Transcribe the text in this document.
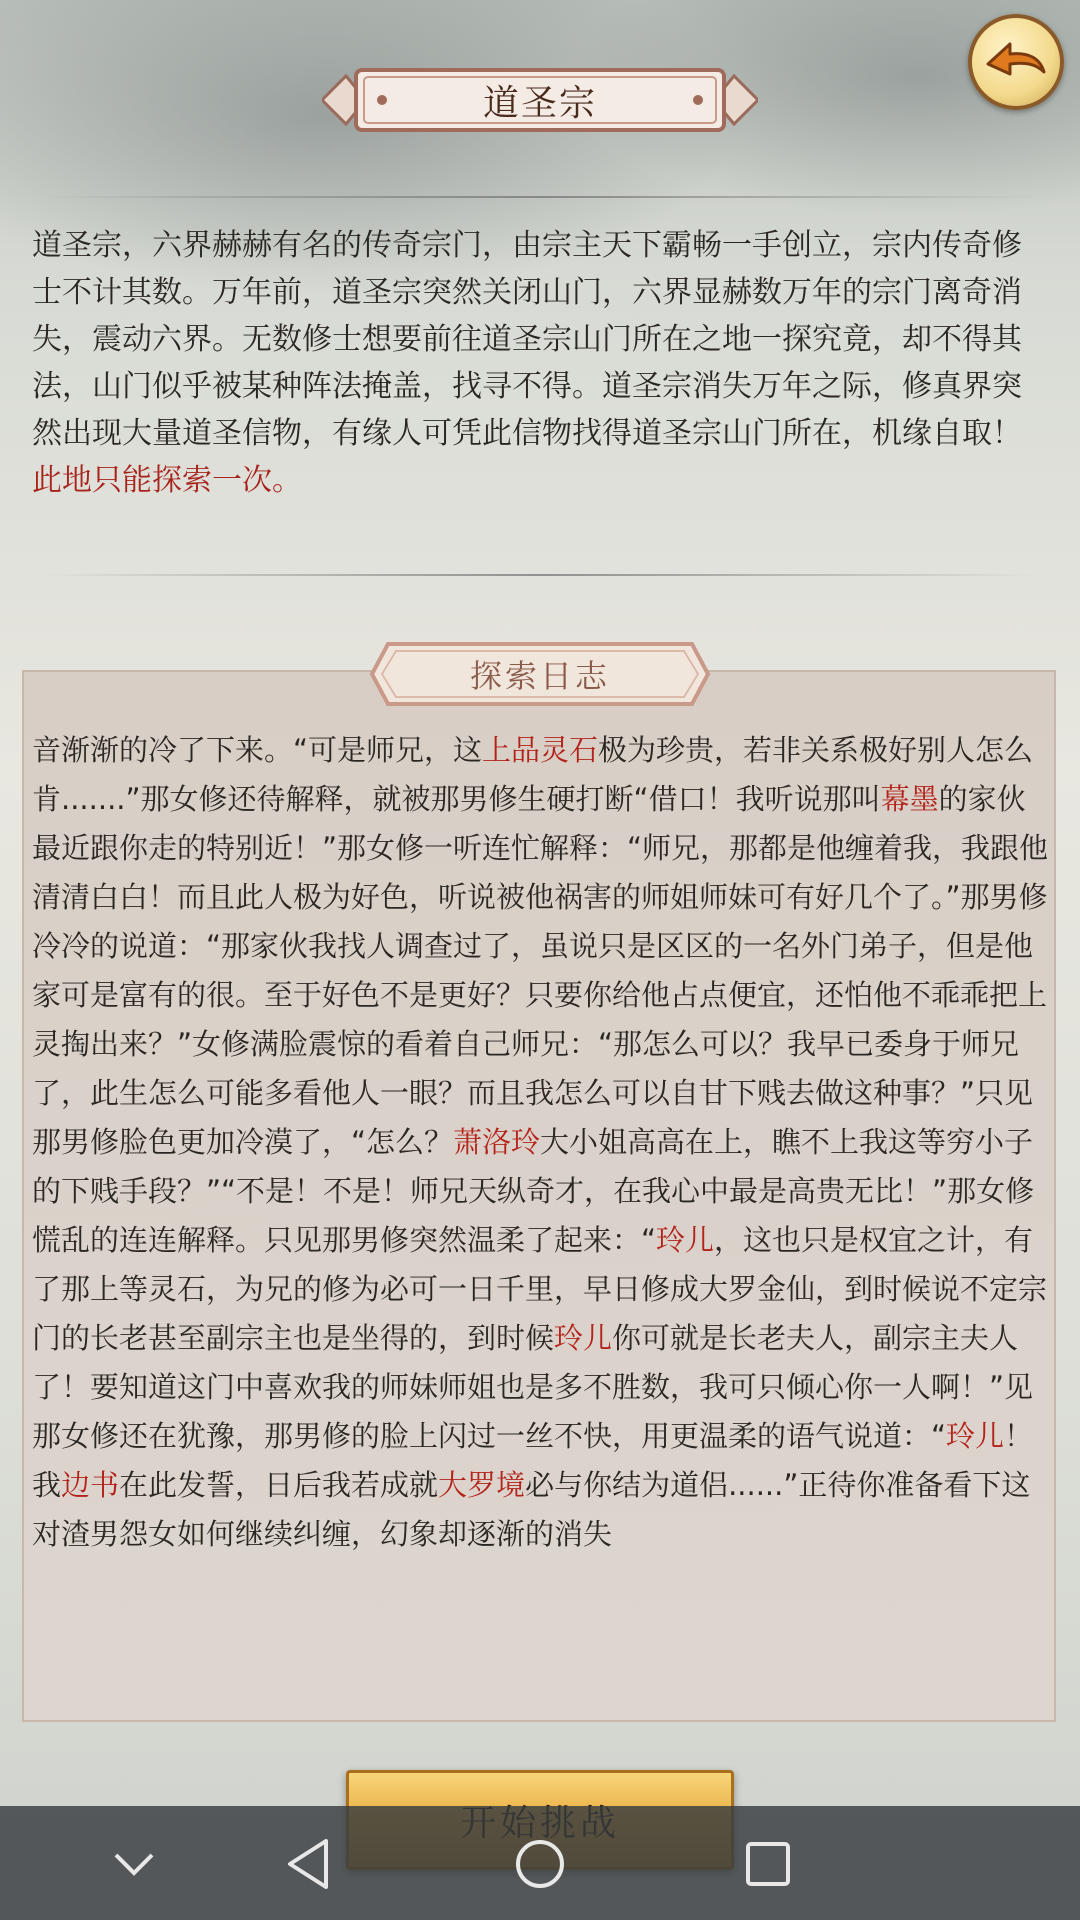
道圣宗
道圣宗，六界赫赫有名的传奇宗门，由宗主天下霸畅一手创立，宗内传奇修士不计其数。万年前，道圣宗突然关闭山门，六界显赫数万年的宗门离奇消失，震动六界。无数修士想要前往道圣宗山门所在之地一探究竟，却不得其法，山门似乎被某种阵法掩盖，找寻不得。道圣宗消失万年之际，修真界突然出现大量道圣信物，有缘人可凭此信物找得道圣宗山门所在，机缘自取！
此地只能探索一次。
探索日志
音渐渐的冷了下来。“可是师兄，这上品灵石极为珍贵，若非关系极好别人怎么肯.......”那女修还待解释，就被那男修生硬打断“借口！我听说那叫幕墨的家伙最近跟你走的特别近！”那女修一听连忙解释：“师兄，那都是他缠着我，我跟他清清白白！而且此人极为好色，听说被他祸害的师姐师妹可有好几个了。”那男修冷冷的说道：“那家伙我找人调查过了，虽说只是区区的一名外门弟子，但是他家可是富有的很。至于好色不是更好？只要你给他占点便宜，还怕他不乖乖把上灵掏出来？”女修满脸震惊的看着自己师兄：“那怎么可以？我早已委身于师兄了，此生怎么可能多看他人一眼？而且我怎么可以自甘下贱去做这种事？”只见那男修脸色更加冷漠了，“怎么？萧洛玲大小姐高高在上，瞧不上我这等穷小子的下贱手段？”“不是！不是！师兄天纵奇才，在我心中最是高贵无比！”那女修慌乱的连连解释。只见那男修突然温柔了起来：“玲儿，这也只是权宜之计，有了那上等灵石，为兄的修为必可一日千里，早日修成大罗金仙，到时候说不定宗门的长老甚至副宗主也是坐得的，到时候玲儿你可就是长老夫人，副宗主夫人了！要知道这门中喜欢我的师妹师姐也是多不胜数，我可只倾心你一人啊！”见那女修还在犹豫，那男修的脸上闪过一丝不快，用更温柔的语气说道：“玲儿！我边书在此发誓，日后我若成就大罗境必与你结为道侣......”正待你准备看下这对渣男怨女如何继续纠缠，幻象却逐渐的消失
